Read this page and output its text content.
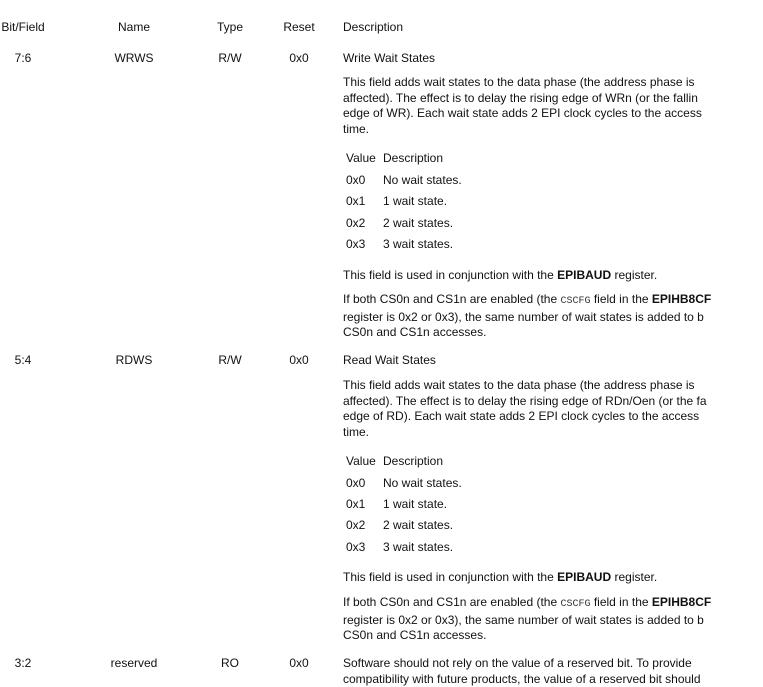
Bit/Field	Name	Type	Reset	Description
7:6	WRWS	R/W	0x0	Write Wait States
This field adds wait states to the data phase (the address phase is
affected). The effect is to delay the rising edge of WRn (or the fallin
edge of WR). Each wait state adds 2 EPI clock cycles to the access
time.
Value Description
0x0 No wait states.
0x1 1 wait state.
0x2 2 wait states.
0x3 3 wait states.
This field is used in conjunction with the EPIBAUD register.
If both CS0n and CS1n are enabled (the CSCFG field in the EPIHB8CF
register is 0x2 or 0x3), the same number of wait states is added to b
CS0n and CS1n accesses.
5:4	RDWS	R/W	0x0	Read Wait States
This field adds wait states to the data phase (the address phase is
affected). The effect is to delay the rising edge of RDn/Oen (or the fa
edge of RD). Each wait state adds 2 EPI clock cycles to the access
time.
Value Description
0x0 No wait states.
0x1 1 wait state.
0x2 2 wait states.
0x3 3 wait states.
This field is used in conjunction with the EPIBAUD register.
If both CS0n and CS1n are enabled (the CSCFG field in the EPIHB8CF
register is 0x2 or 0x3), the same number of wait states is added to b
CS0n and CS1n accesses.
3:2	reserved	RO	0x0	Software should not rely on the value of a reserved bit. To provide
compatibility with future products, the value of a reserved bit should
